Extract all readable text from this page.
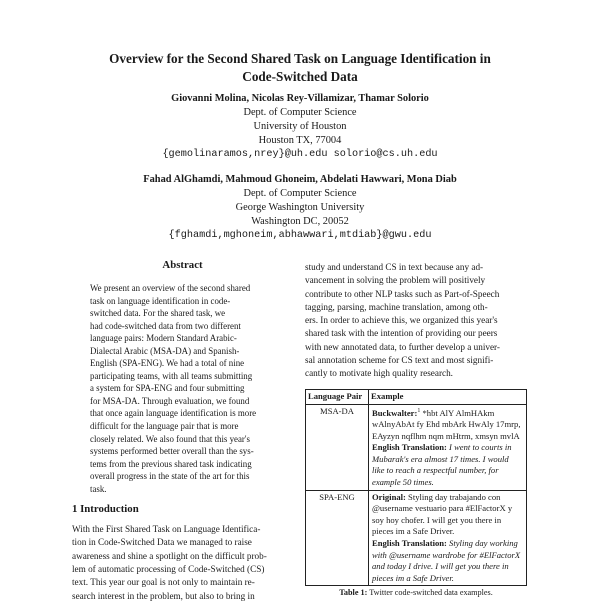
Overview for the Second Shared Task on Language Identification in
Code-Switched Data
Giovanni Molina, Nicolas Rey-Villamizar, Thamar Solorio
Dept. of Computer Science
University of Houston
Houston TX, 77004
{gemolinaramos,nrey}@uh.edu solorio@cs.uh.edu
Fahad AlGhamdi, Mahmoud Ghoneim, Abdelati Hawwari, Mona Diab
Dept. of Computer Science
George Washington University
Washington DC, 20052
{fghamdi,mghoneim,abhawwari,mtdiab}@gwu.edu
Abstract
We present an overview of the second shared
task on language identification in code-
switched data. For the shared task, we
had code-switched data from two different
language pairs: Modern Standard Arabic-
Dialectal Arabic (MSA-DA) and Spanish-
English (SPA-ENG). We had a total of nine
participating teams, with all teams submitting
a system for SPA-ENG and four submitting
for MSA-DA. Through evaluation, we found
that once again language identification is more
difficult for the language pair that is more
closely related. We also found that this year's
systems performed better overall than the sys-
tems from the previous shared task indicating
overall progress in the state of the art for this
task.
1 Introduction
With the First Shared Task on Language Identifica-
tion in Code-Switched Data we managed to raise
awareness and shine a spotlight on the difficult prob-
lem of automatic processing of Code-Switched (CS)
text. This year our goal is not only to maintain re-
search interest in the problem, but also to bring in
study and understand CS in text because any ad-
vancement in solving the problem will positively
contribute to other NLP tasks such as Part-of-Speech
tagging, parsing, machine translation, among oth-
ers. In order to achieve this, we organized this year's
shared task with the intention of providing our peers
with new annotated data, to further develop a univer-
sal annotation scheme for CS text and most signifi-
cantly to motivate high quality research.
Language Pair	Example
MSA-DA	Buckwalter:$^1$ *hbt AlY AlmHAkm wAlnyAbAt fy Ehd mbArk HwAly 17mrp, EAyzyn nqflhm nqm mHtrm, xmsyn mvlA
English Translation: I went to courts in Mubarak's era almost 17 times. I would like to reach a respectful number, for example 50 times.
SPA-ENG	Original: Styling day trabajando con @username vestuario para #ElFactorX y soy hoy chofer. I will get you there in pieces im a Safe Driver.
English Translation: Styling day working with @username wardrobe for #ElFactorX and today I drive. I will get you there in pieces im a Safe Driver.
Table 1: Twitter code-switched data examples.
